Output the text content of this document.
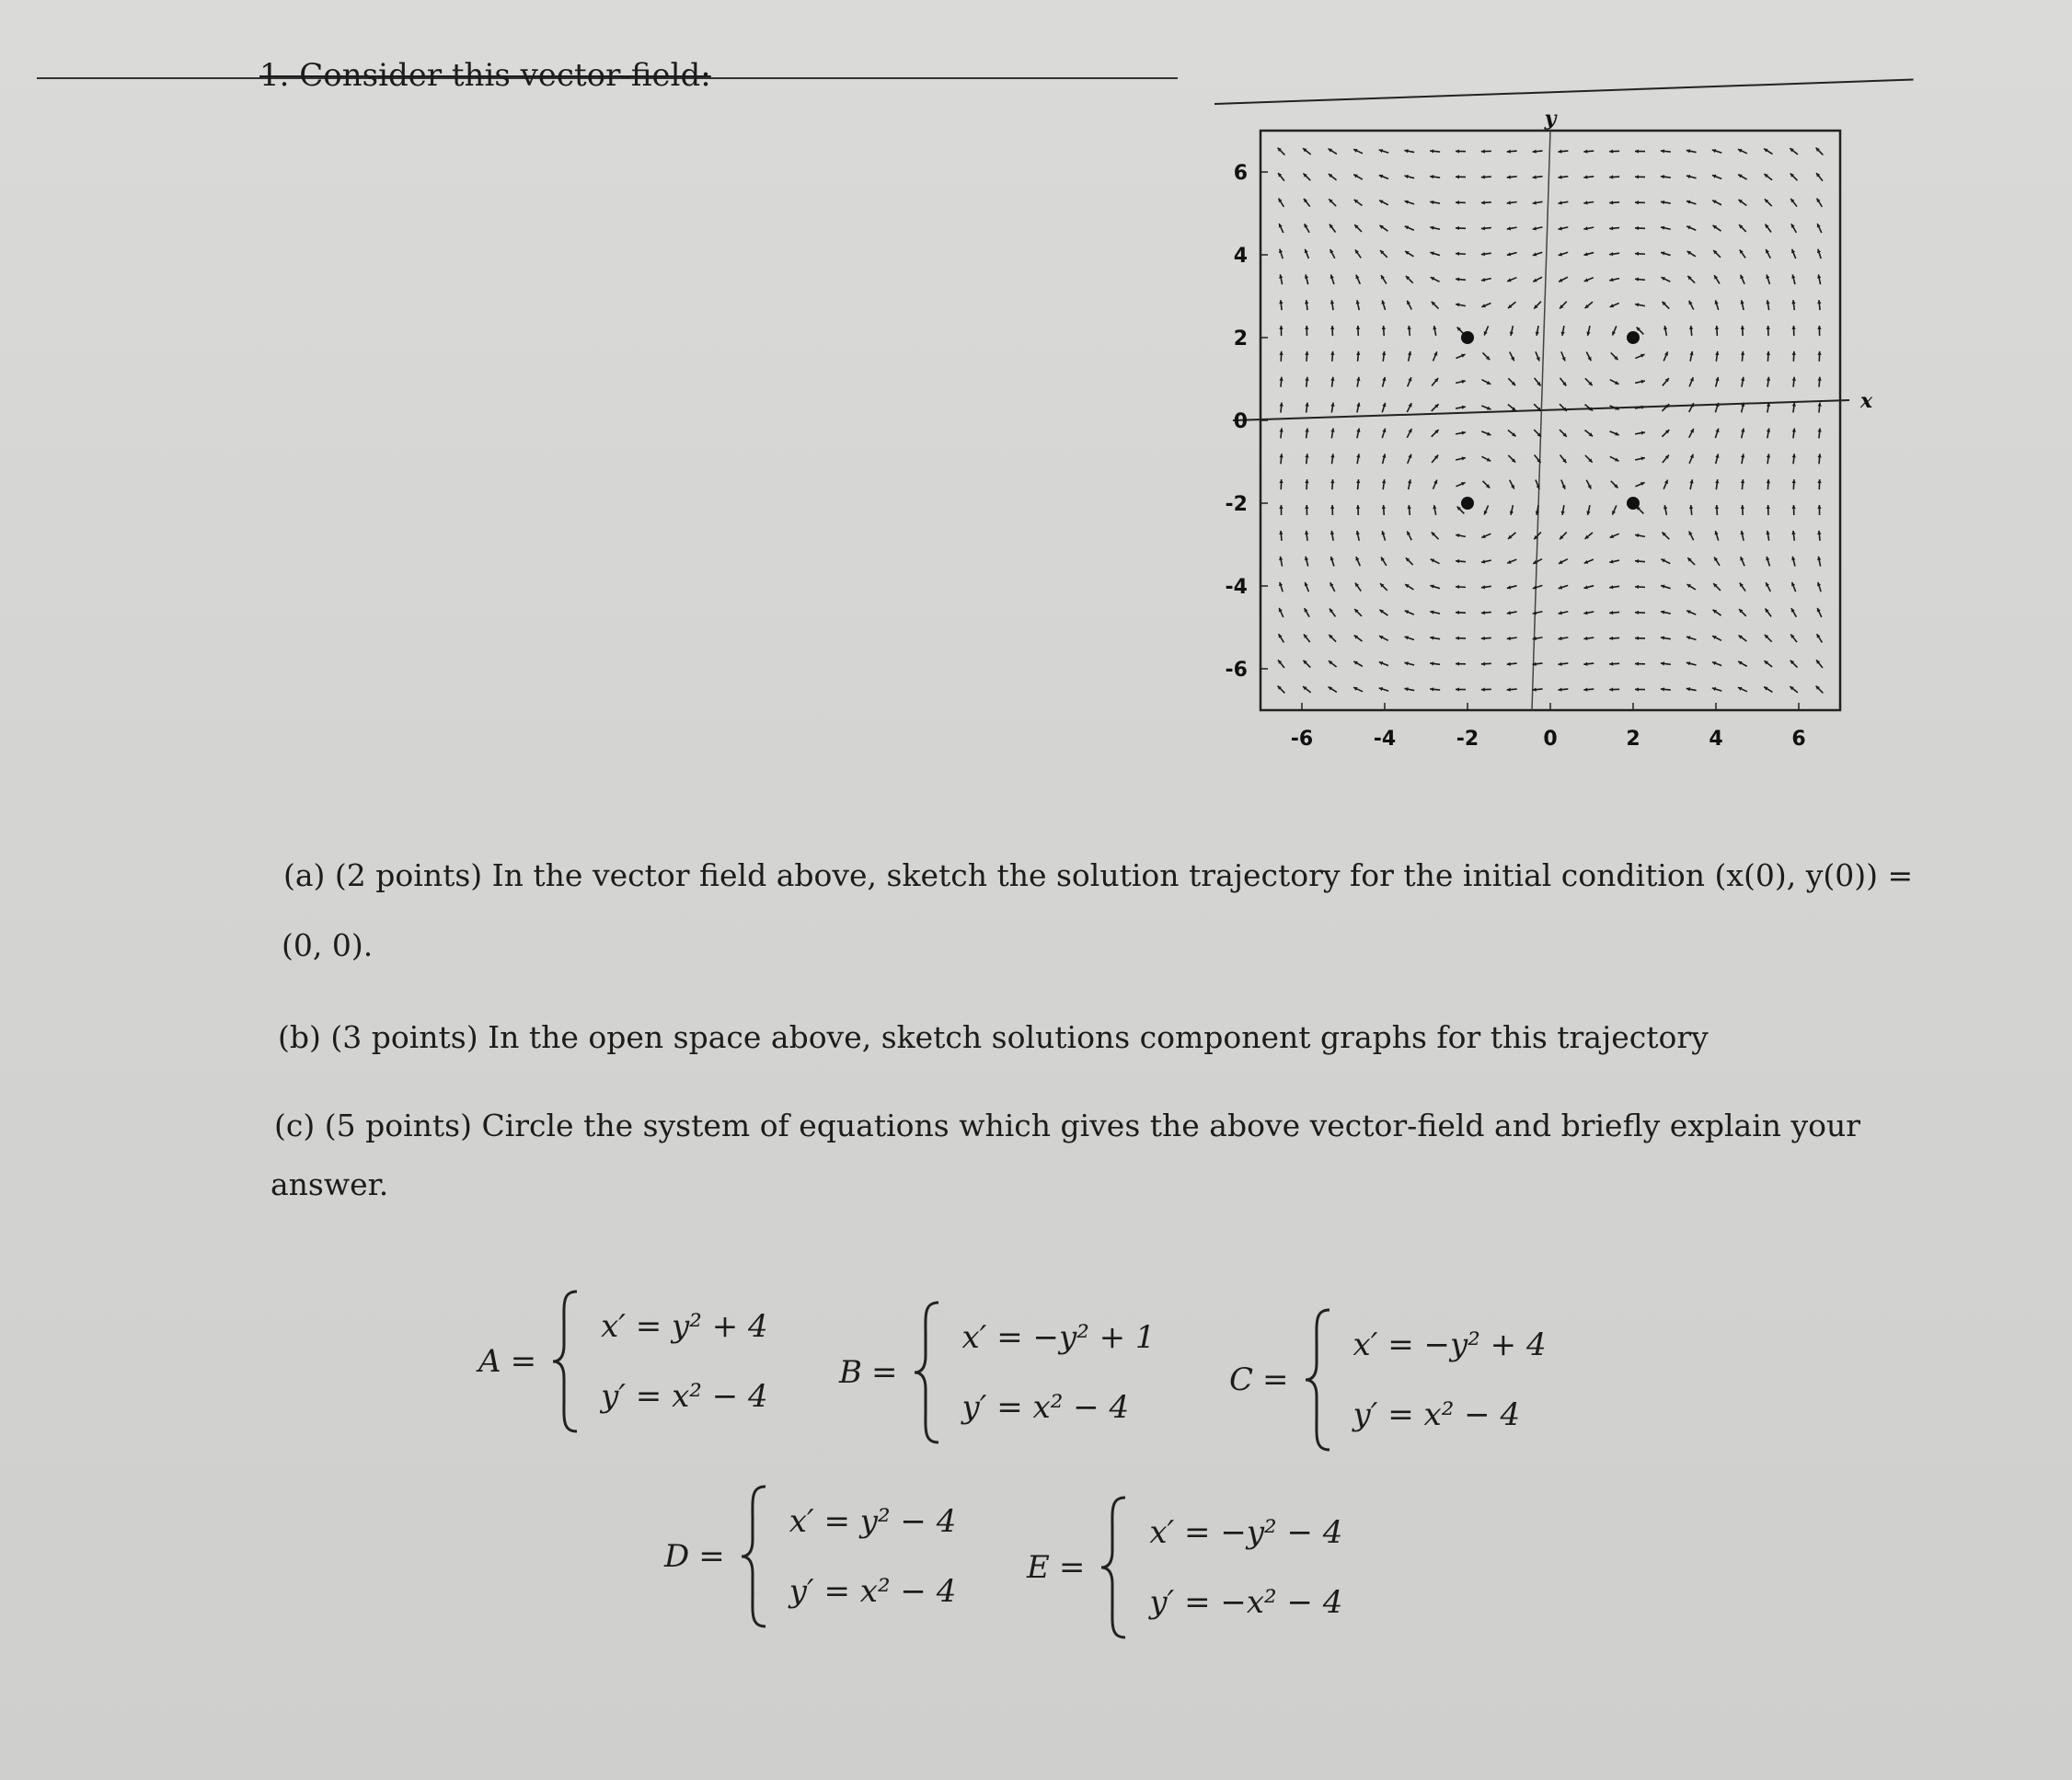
1. Consider this vector-field:
-6	-4	-2	0	2	4	6
6
4
2
0
-2
-4
-6
x
y
(a) (2 points) In the vector field above, sketch the solution trajectory for the initial condition (x(0), y(0)) =
(0, 0).
(b) (3 points) In the open space above, sketch solutions component graphs for this trajectory
(c) (5 points) Circle the system of equations which gives the above vector-field and briefly explain your
answer.
A =
x′ = y² + 4
y′ = x² − 4
B =
x′ = −y² + 1
y′ = x² − 4
C =
x′ = −y² + 4
y′ = x² − 4
D =
x′ = y² − 4
y′ = x² − 4
E =
x′ = −y² − 4
y′ = −x² − 4
